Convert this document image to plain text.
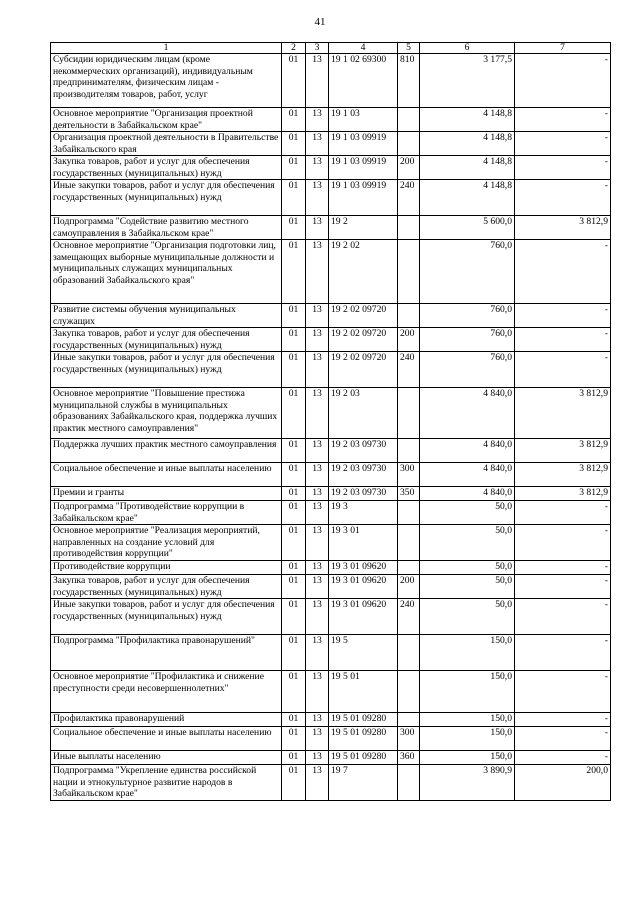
41
1	2	3	4	5	6	7
Субсидии юридическим лицам (кроме некоммерческих организаций), индивидуальным предпринимателям, физическим лицам - производителям товаров, работ, услуг	01	13	19 1 02 69300	810	3 177,5	-
Основное мероприятие "Организация проектной деятельности в Забайкальском крае"	01	13	19 1 03		4 148,8	-
Организация проектной деятельности в Правительстве Забайкальского края	01	13	19 1 03 09919		4 148,8	-
Закупка товаров, работ и услуг для обеспечения государственных (муниципальных) нужд	01	13	19 1 03 09919	200	4 148,8	-
Иные закупки товаров, работ и услуг для обеспечения государственных (муниципальных) нужд	01	13	19 1 03 09919	240	4 148,8	-
Подпрограмма "Содействие развитию местного самоуправления в Забайкальском крае"	01	13	19 2		5 600,0	3 812,9
Основное мероприятие "Организация подготовки лиц, замещающих выборные муниципальные должности и муниципальных служащих муниципальных образований Забайкальского края"	01	13	19 2 02		760,0	-
Развитие системы обучения муниципальных служащих	01	13	19 2 02 09720		760,0	-
Закупка товаров, работ и услуг для обеспечения государственных (муниципальных) нужд	01	13	19 2 02 09720	200	760,0	-
Иные закупки товаров, работ и услуг для обеспечения государственных (муниципальных) нужд	01	13	19 2 02 09720	240	760,0	-
Основное мероприятие "Повышение престижа муниципальной службы в муниципальных образованиях Забайкальского края, поддержка лучших практик местного самоуправления"	01	13	19 2 03		4 840,0	3 812,9
Поддержка лучших практик местного самоуправления	01	13	19 2 03 09730		4 840,0	3 812,9
Социальное обеспечение и иные выплаты населению	01	13	19 2 03 09730	300	4 840,0	3 812,9
Премии и гранты	01	13	19 2 03 09730	350	4 840,0	3 812,9
Подпрограмма "Противодействие коррупции в Забайкальском крае"	01	13	19 3		50,0	-
Основное мероприятие "Реализация мероприятий, направленных на создание условий для противодействия коррупции"	01	13	19 3 01		50,0	-
Противодействие коррупции	01	13	19 3 01 09620		50,0	-
Закупка товаров, работ и услуг для обеспечения государственных (муниципальных) нужд	01	13	19 3 01 09620	200	50,0	-
Иные закупки товаров, работ и услуг для обеспечения государственных (муниципальных) нужд	01	13	19 3 01 09620	240	50,0	-
Подпрограмма "Профилактика правонарушений"	01	13	19 5		150,0	-
Основное мероприятие "Профилактика и снижение преступности среди несовершеннолетних"	01	13	19 5 01		150,0	-
Профилактика правонарушений	01	13	19 5 01 09280		150,0	-
Социальное обеспечение и иные выплаты населению	01	13	19 5 01 09280	300	150,0	-
Иные выплаты населению	01	13	19 5 01 09280	360	150,0	-
Подпрограмма "Укрепление единства российской нации и этнокультурное развитие народов в Забайкальском крае"	01	13	19 7		3 890,9	200,0
